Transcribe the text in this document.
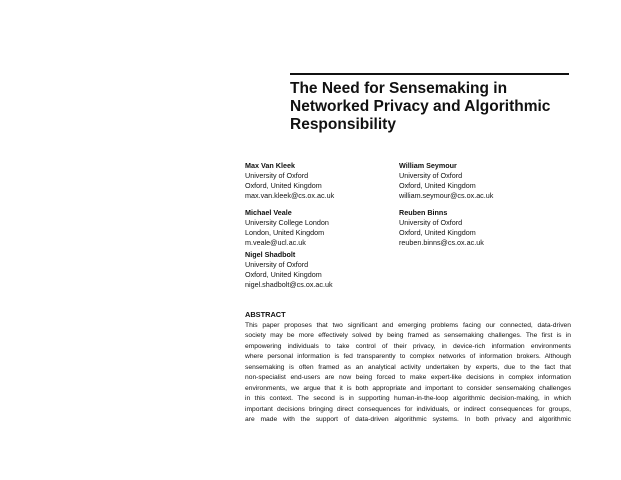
The Need for Sensemaking in
Networked Privacy and Algorithmic
Responsibility
Max Van Kleek
University of Oxford
Oxford, United Kingdom
max.van.kleek@cs.ox.ac.uk
William Seymour
University of Oxford
Oxford, United Kingdom
william.seymour@cs.ox.ac.uk
Michael Veale
University College London
London, United Kingdom
m.veale@ucl.ac.uk
Reuben Binns
University of Oxford
Oxford, United Kingdom
reuben.binns@cs.ox.ac.uk
Nigel Shadbolt
University of Oxford
Oxford, United Kingdom
nigel.shadbolt@cs.ox.ac.uk
ABSTRACT
This paper proposes that two significant and emerging problems facing our connected, data-driven
society may be more effectively solved by being framed as sensemaking challenges. The first is in
empowering individuals to take control of their privacy, in device-rich information environments
where personal information is fed transparently to complex networks of information brokers. Although
sensemaking is often framed as an analytical activity undertaken by experts, due to the fact that
non-specialist end-users are now being forced to make expert-like decisions in complex information
environments, we argue that it is both appropriate and important to consider sensemaking challenges
in this context. The second is in supporting human-in-the-loop algorithmic decision-making, in which
important decisions bringing direct consequences for individuals, or indirect consequences for groups,
are made with the support of data-driven algorithmic systems. In both privacy and algorithmic
